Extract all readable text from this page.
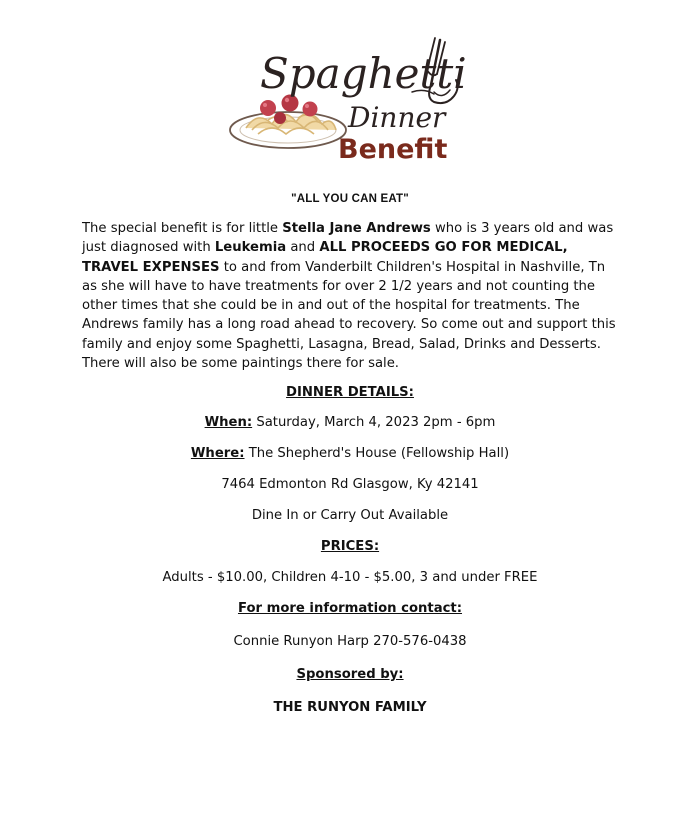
Spaghetti
Dinner
Benefit
"ALL YOU CAN EAT"
The special benefit is for little Stella Jane Andrews who is 3 years old and was just diagnosed with Leukemia and ALL PROCEEDS GO FOR MEDICAL, TRAVEL EXPENSES to and from Vanderbilt Children's Hospital in Nashville, Tn as she will have to have treatments for over 2 1/2 years and not counting the other times that she could be in and out of the hospital for treatments. The Andrews family has a long road ahead to recovery. So come out and support this family and enjoy some Spaghetti, Lasagna, Bread, Salad, Drinks and Desserts. There will also be some paintings there for sale.
DINNER DETAILS:
When: Saturday, March 4, 2023 2pm - 6pm
Where: The Shepherd's House (Fellowship Hall)
7464 Edmonton Rd Glasgow, Ky 42141
Dine In or Carry Out Available
PRICES:
Adults - $10.00, Children 4-10 - $5.00, 3 and under FREE
For more information contact:
Connie Runyon Harp 270-576-0438
Sponsored by:
THE RUNYON FAMILY
